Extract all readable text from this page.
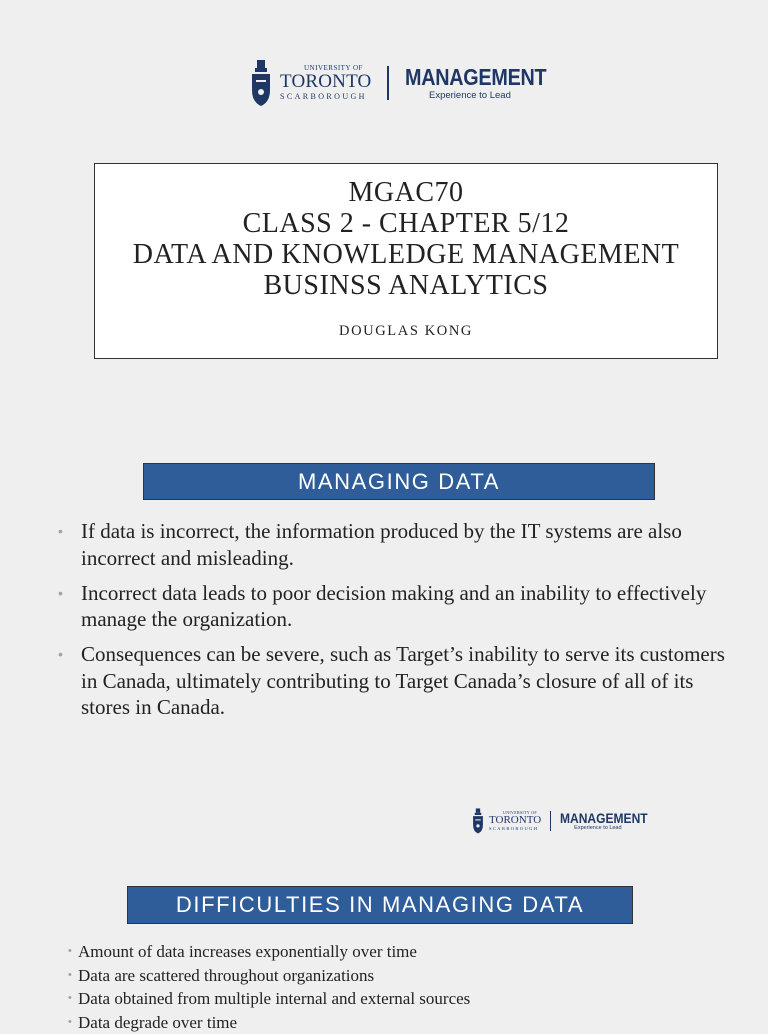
UNIVERSITY OF
TORONTO
SCARBOROUGH
MANAGEMENT
Experience to Lead
MGAC70
CLASS 2 - CHAPTER 5/12
DATA AND KNOWLEDGE MANAGEMENT
BUSINSS ANALYTICS
DOUGLAS KONG
MANAGING DATA
• If data is incorrect, the information produced by the IT systems are also incorrect and misleading.
• Incorrect data leads to poor decision making and an inability to effectively manage the organization.
• Consequences can be severe, such as Target’s inability to serve its customers in Canada, ultimately contributing to Target Canada’s closure of all of its stores in Canada.
UNIVERSITY OF
TORONTO
SCARBOROUGH
MANAGEMENT
Experience to Lead
DIFFICULTIES IN MANAGING DATA
• Amount of data increases exponentially over time
• Data are scattered throughout organizations
• Data obtained from multiple internal and external sources
• Data degrade over time
